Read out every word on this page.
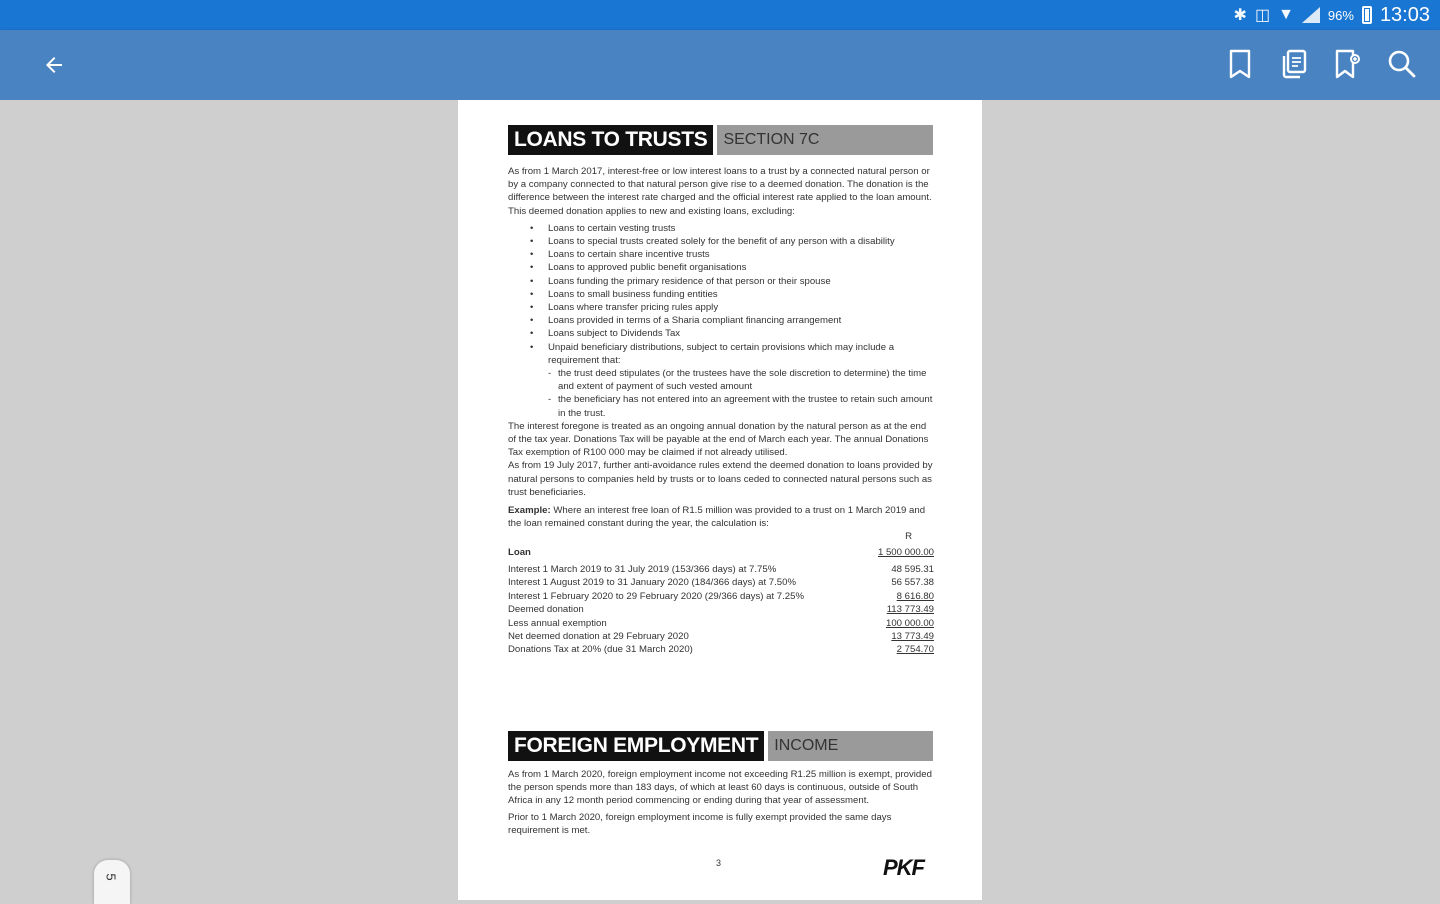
✱ ◫ ▼	96% 13:03
LOANS TO TRUSTS	SECTION 7C

As from 1 March 2017, interest-free or low interest loans to a trust by a connected natural person or by a company connected to that natural person give rise to a deemed donation. The donation is the difference between the interest rate charged and the official interest rate applied to the loan amount. This deemed donation applies to new and existing loans, excluding:

• Loans to certain vesting trusts
• Loans to special trusts created solely for the benefit of any person with a disability
• Loans to certain share incentive trusts
• Loans to approved public benefit organisations
• Loans funding the primary residence of that person or their spouse
• Loans to small business funding entities
• Loans where transfer pricing rules apply
• Loans provided in terms of a Sharia compliant financing arrangement
• Loans subject to Dividends Tax
• Unpaid beneficiary distributions, subject to certain provisions which may include a requirement that:
- the trust deed stipulates (or the trustees have the sole discretion to determine) the time and extent of payment of such vested amount
- the beneficiary has not entered into an agreement with the trustee to retain such amount in the trust.

The interest foregone is treated as an ongoing annual donation by the natural person as at the end of the tax year. Donations Tax will be payable at the end of March each year. The annual Donations Tax exemption of R100 000 may be claimed if not already utilised.

As from 19 July 2017, further anti-avoidance rules extend the deemed donation to loans provided by natural persons to companies held by trusts or to loans ceded to connected natural persons such as trust beneficiaries.

Example: Where an interest free loan of R1.5 million was provided to a trust on 1 March 2019 and the loan remained constant during the year, the calculation is:

R
Loan	1 500 000.00
Interest 1 March 2019 to 31 July 2019 (153/366 days) at 7.75%	48 595.31
Interest 1 August 2019 to 31 January 2020 (184/366 days) at 7.50%	56 557.38
Interest 1 February 2020 to 29 February 2020 (29/366 days) at 7.25%	8 616.80
Deemed donation	113 773.49
Less annual exemption	100 000.00
Net deemed donation at 29 February 2020	13 773.49
Donations Tax at 20% (due 31 March 2020)	2 754.70
FOREIGN EMPLOYMENT	INCOME

As from 1 March 2020, foreign employment income not exceeding R1.25 million is exempt, provided the person spends more than 183 days, of which at least 60 days is continuous, outside of South Africa in any 12 month period commencing or ending during that year of assessment.

Prior to 1 March 2020, foreign employment income is fully exempt provided the same days requirement is met.

3	PKF
5
